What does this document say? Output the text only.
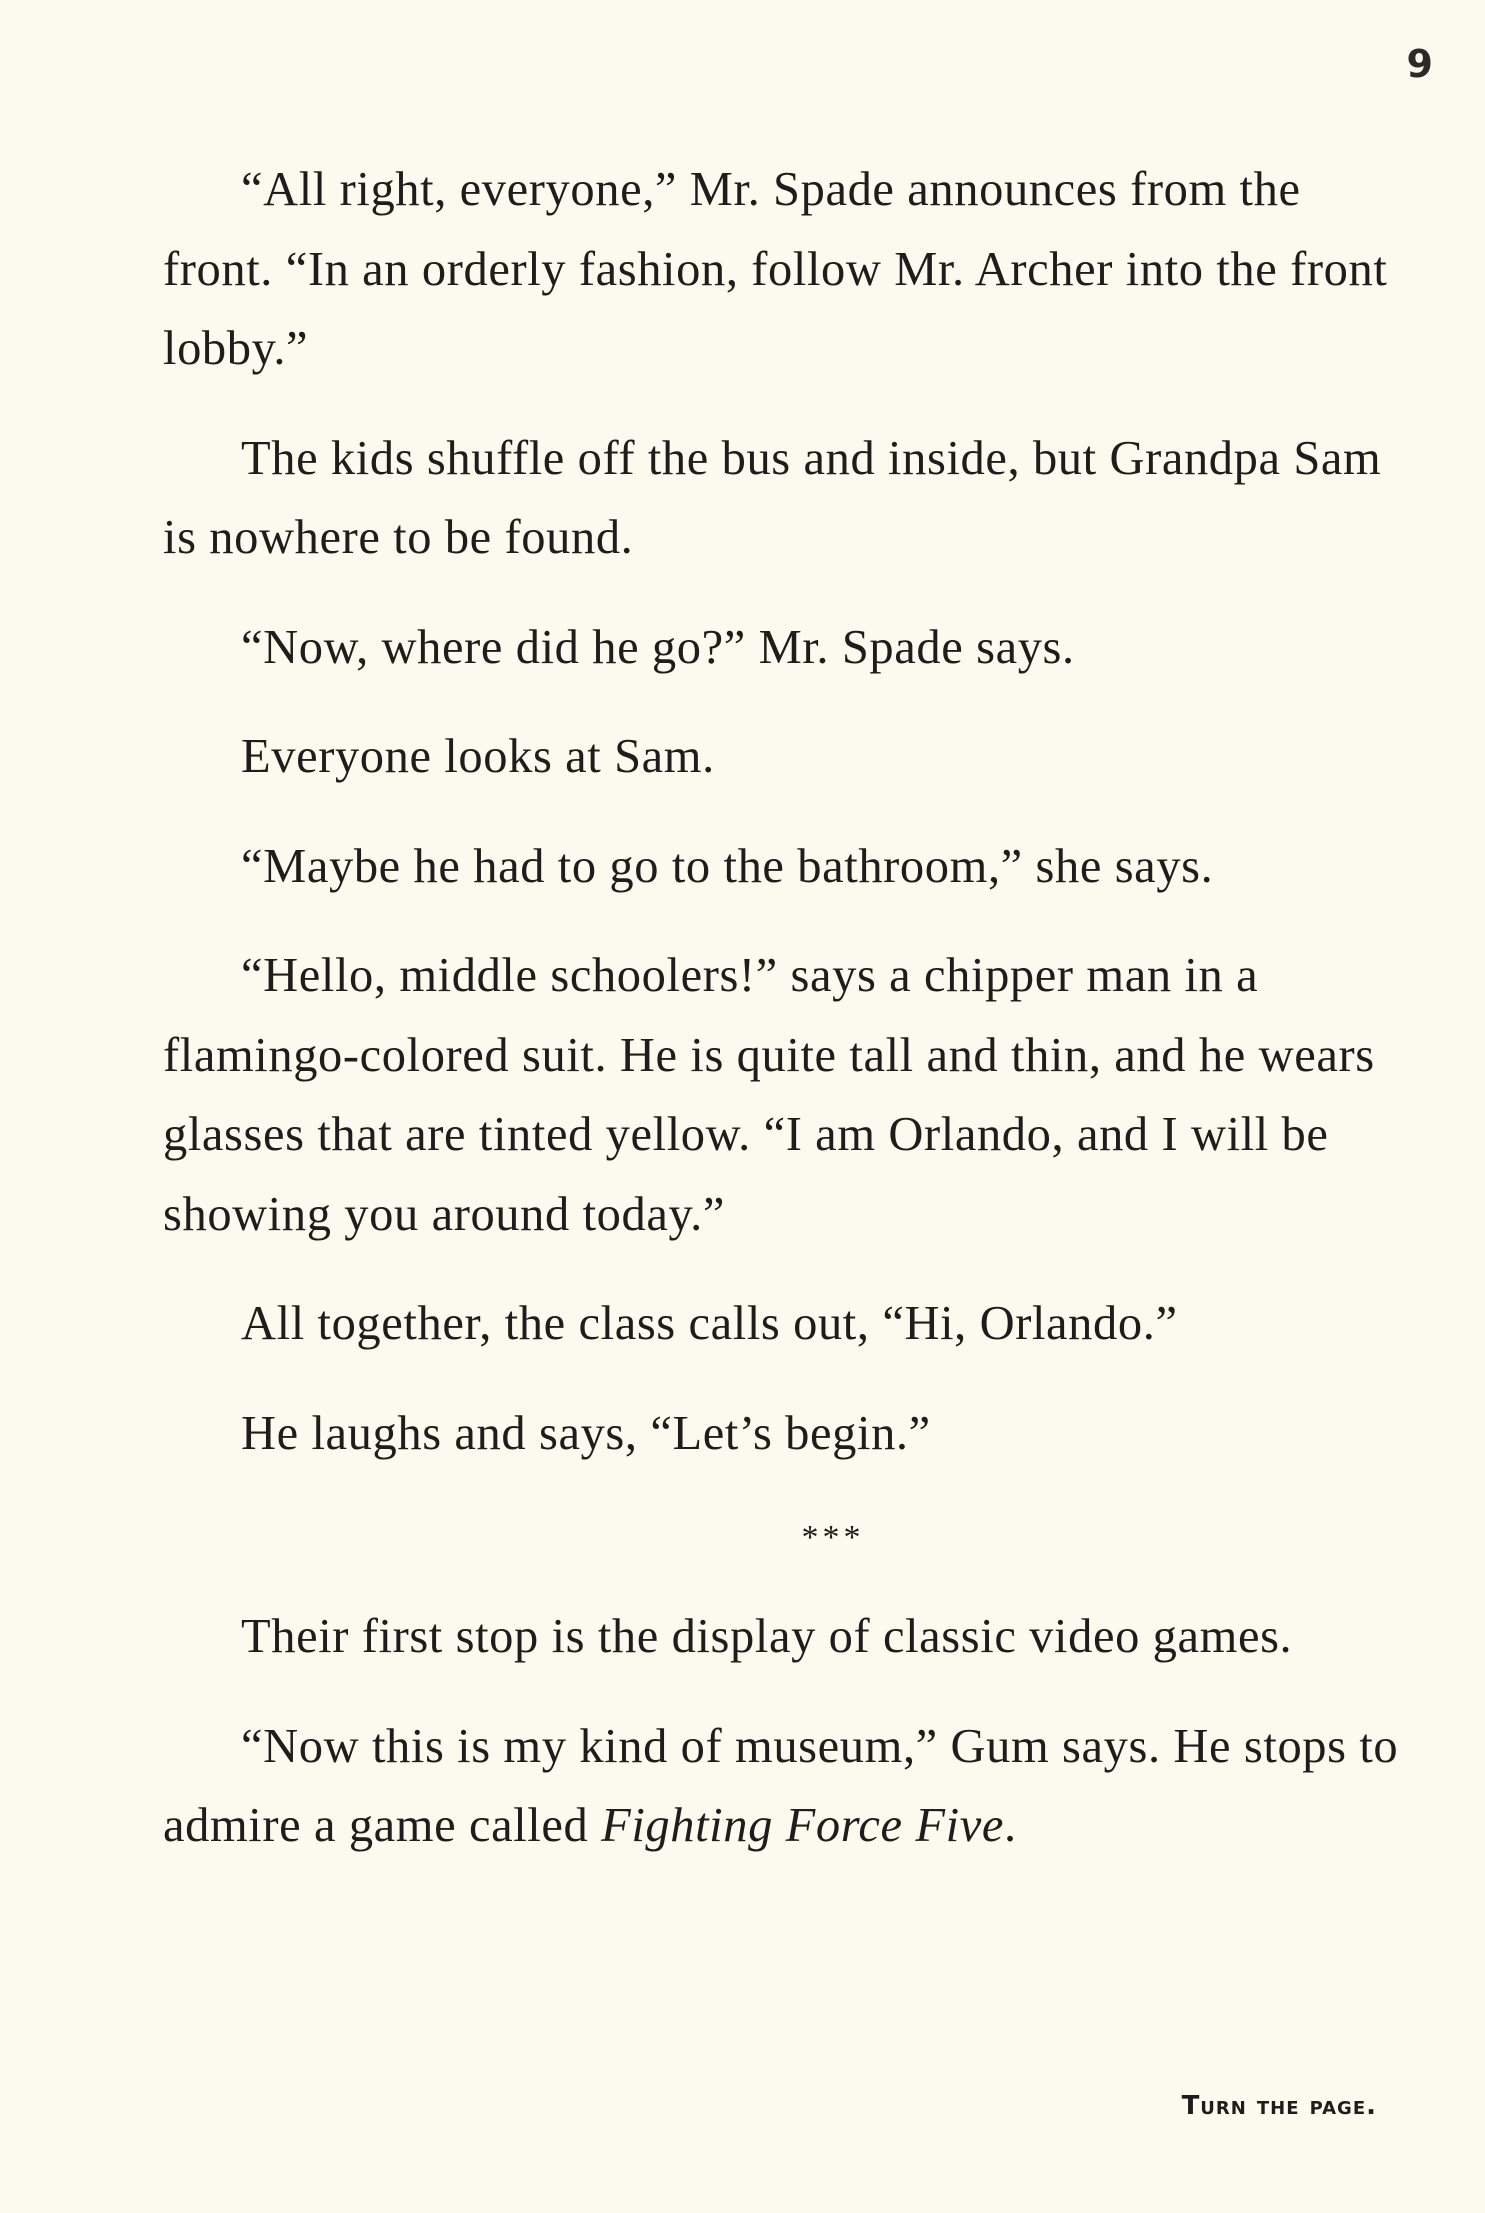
9

“All right, everyone,” Mr. Spade announces from the front. “In an orderly fashion, follow Mr. Archer into the front lobby.”

The kids shuffle off the bus and inside, but Grandpa Sam is nowhere to be found.

“Now, where did he go?” Mr. Spade says.

Everyone looks at Sam.

“Maybe he had to go to the bathroom,” she says.

“Hello, middle schoolers!” says a chipper man in a flamingo-colored suit. He is quite tall and thin, and he wears glasses that are tinted yellow. “I am Orlando, and I will be showing you around today.”

All together, the class calls out, “Hi, Orlando.”

He laughs and says, “Let’s begin.”

***

Their first stop is the display of classic video games.

“Now this is my kind of museum,” Gum says. He stops to admire a game called Fighting Force Five.

Turn the page.
